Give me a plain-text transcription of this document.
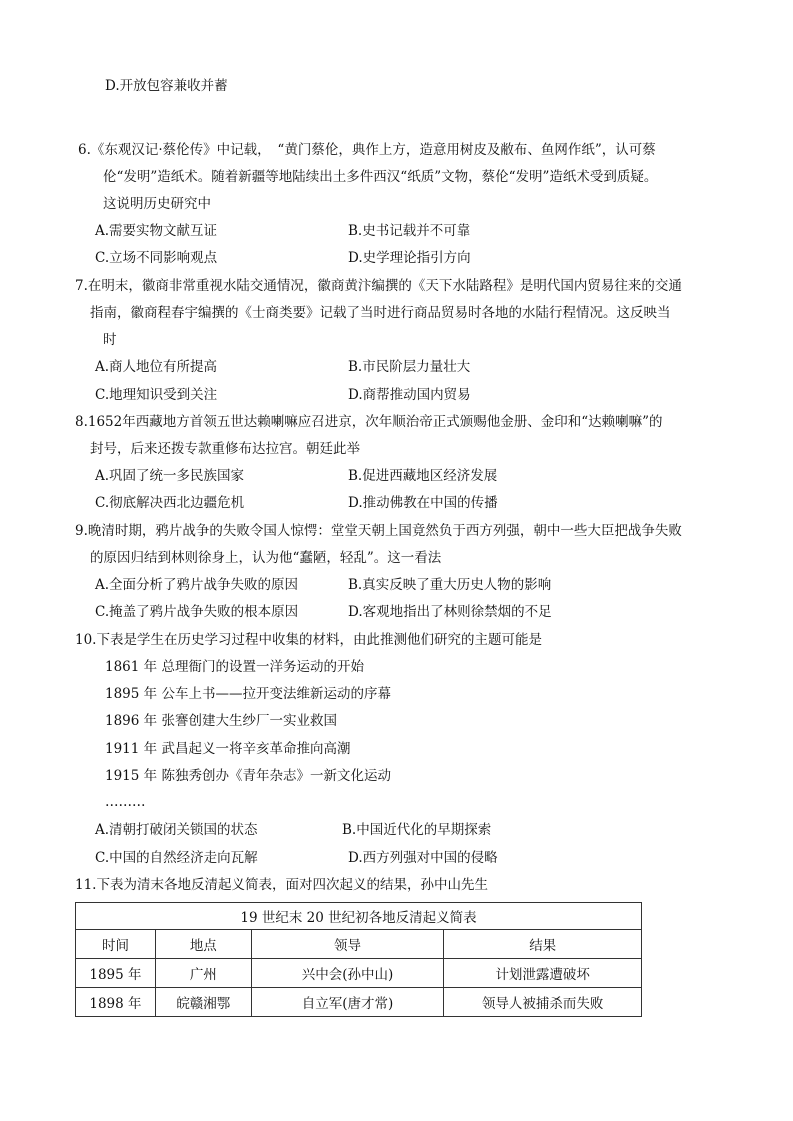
D.开放包容兼收并蓄
6.《东观汉记·蔡伦传》中记载，　“黄门蔡伦，典作上方，造意用树皮及敝布、鱼网作纸”，认可蔡
伦“发明”造纸术。随着新疆等地陆续出土多件西汉“纸质”文物，蔡伦“发明”造纸术受到质疑。
这说明历史研究中
A.需要实物文献互证	B.史书记载并不可靠
C.立场不同影响观点	D.史学理论指引方向
7.在明末，徽商非常重视水陆交通情况，徽商黄汴编撰的《天下水陆路程》是明代国内贸易往来的交通
指南，徽商程春宇编撰的《士商类要》记载了当时进行商品贸易时各地的水陆行程情况。这反映当
时
A.商人地位有所提高	B.市民阶层力量壮大
C.地理知识受到关注	D.商帮推动国内贸易
8.1652年西藏地方首领五世达赖喇嘛应召进京，次年顺治帝正式颁赐他金册、金印和“达赖喇嘛”的
封号，后来还拨专款重修布达拉宫。朝廷此举
A.巩固了统一多民族国家	B.促进西藏地区经济发展
C.彻底解决西北边疆危机	D.推动佛教在中国的传播
9.晚清时期，鸦片战争的失败令国人惊愕：堂堂天朝上国竟然负于西方列强，朝中一些大臣把战争失败
的原因归结到林则徐身上，认为他“蠢陋，轻乱”。这一看法
A.全面分析了鸦片战争失败的原因	B.真实反映了重大历史人物的影响
C.掩盖了鸦片战争失败的根本原因	D.客观地指出了林则徐禁烟的不足
10.下表是学生在历史学习过程中收集的材料，由此推测他们研究的主题可能是
1861 年 总理衙门的设置一洋务运动的开始
1895 年 公车上书——拉开变法维新运动的序幕
1896 年 张謇创建大生纱厂一实业救国
1911 年 武昌起义一将辛亥革命推向高潮
1915 年 陈独秀创办《青年杂志》一新文化运动
………
A.清朝打破闭关锁国的状态	B.中国近代化的早期探索
C.中国的自然经济走向瓦解	D.西方列强对中国的侵略
11.下表为清末各地反清起义简表，面对四次起义的结果，孙中山先生
19 世纪末 20 世纪初各地反清起义简表			
时间	地点	领导	结果
1895 年	广州	兴中会(孙中山)	计划泄露遭破坏
1898 年	皖赣湘鄂	自立军(唐才常)	领导人被捕杀而失败
